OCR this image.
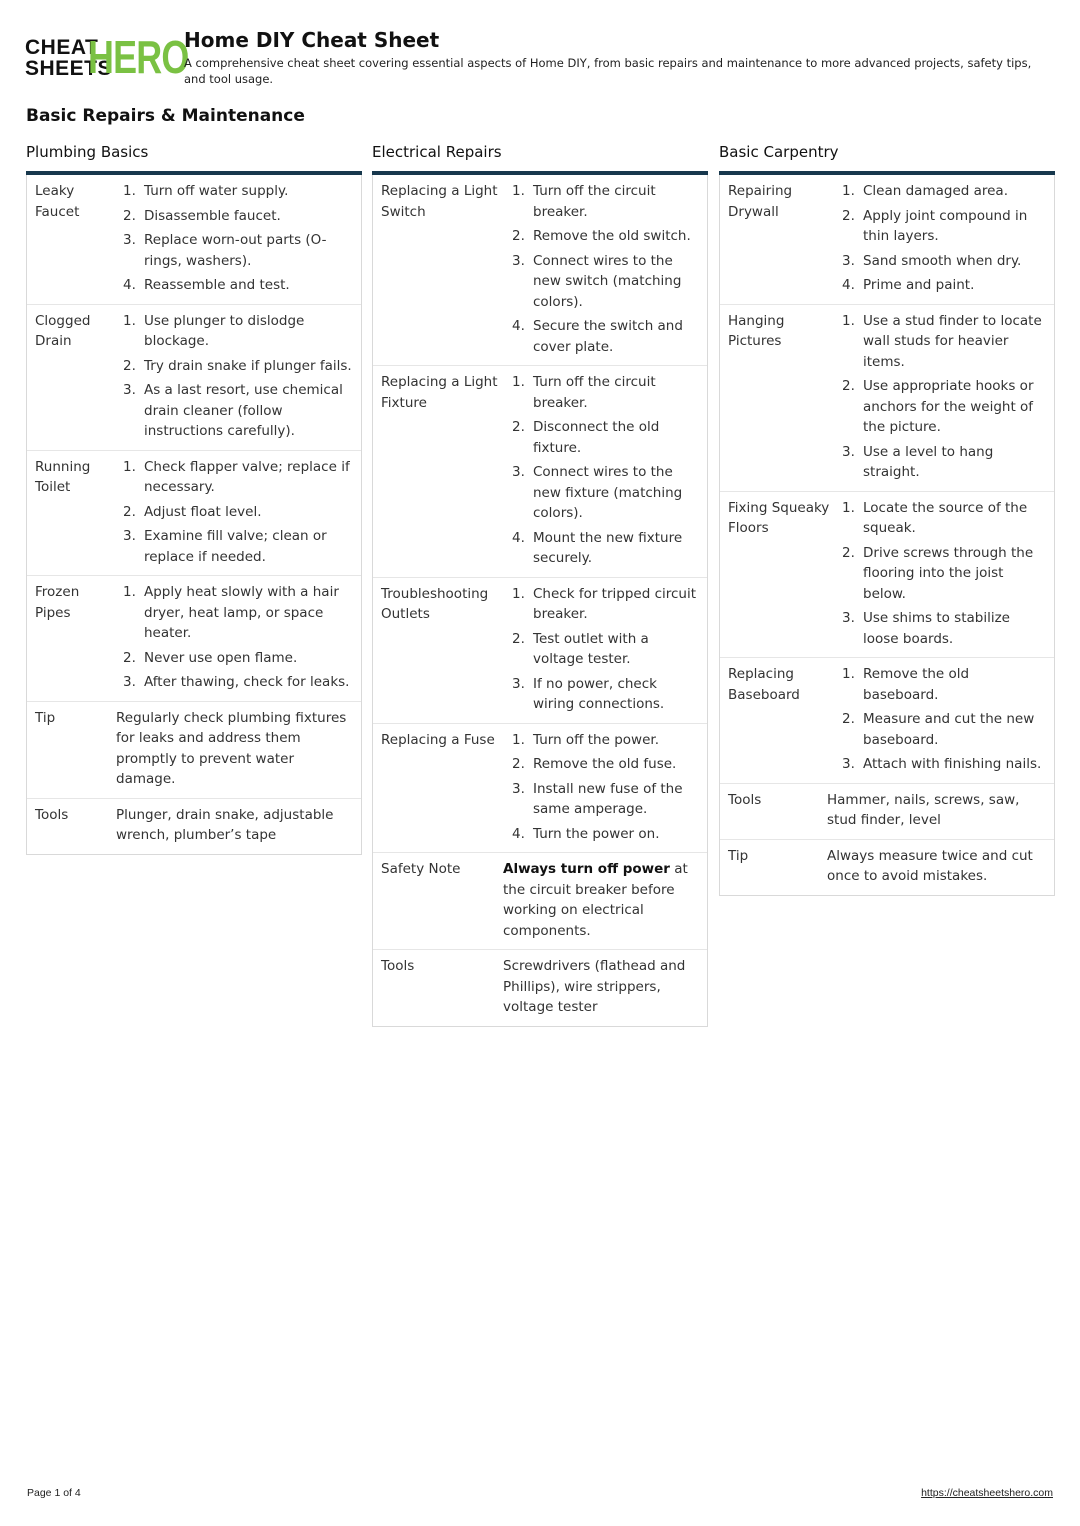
CHEAT
SHEETS
HERO
Home DIY Cheat Sheet
A comprehensive cheat sheet covering essential aspects of Home DIY, from basic repairs and maintenance to more advanced projects, safety tips, and tool usage.
Basic Repairs & Maintenance
Plumbing Basics
Leaky Faucet
1. Turn off water supply.
2. Disassemble faucet.
3. Replace worn-out parts (O-rings, washers).
4. Reassemble and test.
Clogged Drain
1. Use plunger to dislodge blockage.
2. Try drain snake if plunger fails.
3. As a last resort, use chemical drain cleaner (follow instructions carefully).
Running Toilet
1. Check flapper valve; replace if necessary.
2. Adjust float level.
3. Examine fill valve; clean or replace if needed.
Frozen Pipes
1. Apply heat slowly with a hair dryer, heat lamp, or space heater.
2. Never use open flame.
3. After thawing, check for leaks.
Tip	Regularly check plumbing fixtures for leaks and address them promptly to prevent water damage.
Tools	Plunger, drain snake, adjustable wrench, plumber’s tape
Electrical Repairs
Replacing a Light Switch
1. Turn off the circuit breaker.
2. Remove the old switch.
3. Connect wires to the new switch (matching colors).
4. Secure the switch and cover plate.
Replacing a Light Fixture
1. Turn off the circuit breaker.
2. Disconnect the old fixture.
3. Connect wires to the new fixture (matching colors).
4. Mount the new fixture securely.
Troubleshooting Outlets
1. Check for tripped circuit breaker.
2. Test outlet with a voltage tester.
3. If no power, check wiring connections.
Replacing a Fuse	1. Turn off the power.
2. Remove the old fuse.
3. Install new fuse of the same amperage.
4. Turn the power on.
Safety Note	Always turn off power at the circuit breaker before working on electrical components.
Tools	Screwdrivers (flathead and Phillips), wire strippers, voltage tester
Basic Carpentry
Repairing Drywall
1. Clean damaged area.
2. Apply joint compound in thin layers.
3. Sand smooth when dry.
4. Prime and paint.
Hanging Pictures
1. Use a stud finder to locate wall studs for heavier items.
2. Use appropriate hooks or anchors for the weight of the picture.
3. Use a level to hang straight.
Fixing Squeaky Floors
1. Locate the source of the squeak.
2. Drive screws through the flooring into the joist below.
3. Use shims to stabilize loose boards.
Replacing Baseboard
1. Remove the old baseboard.
2. Measure and cut the new baseboard.
3. Attach with finishing nails.
Tools	Hammer, nails, screws, saw, stud finder, level
Tip	Always measure twice and cut once to avoid mistakes.
Page 1 of 4	https://cheatsheetshero.com
